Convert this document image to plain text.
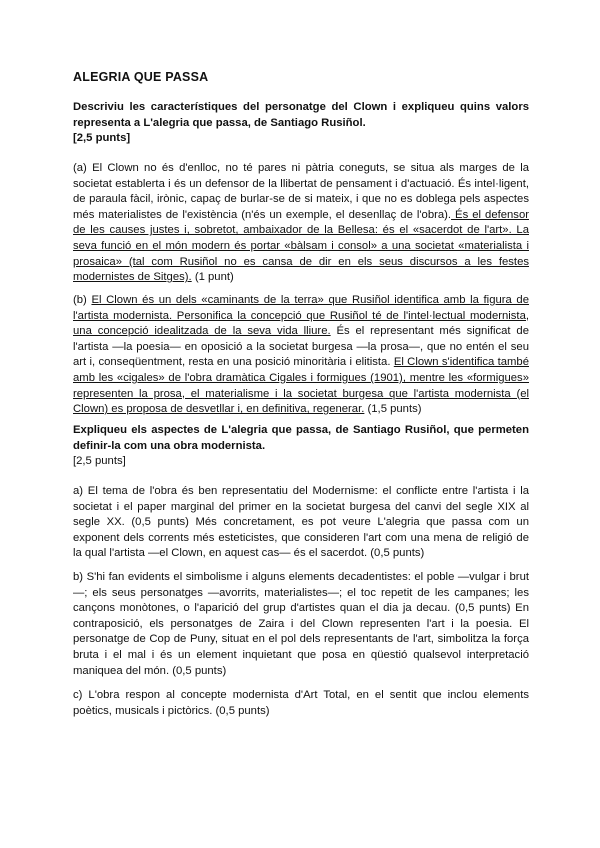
ALEGRIA QUE PASSA

Descriviu les característiques del personatge del Clown i expliqueu quins valors representa a L'alegria que passa, de Santiago Rusiñol.

[2,5 punts]

(a) El Clown no és d'enlloc, no té pares ni pàtria coneguts, se situa als marges de la societat establerta i és un defensor de la llibertat de pensament i d'actuació. És intel·ligent, de paraula fàcil, irònic, capaç de burlar-se de si mateix, i que no es doblega pels aspectes més materialistes de l'existència (n'és un exemple, el desenllaç de l'obra). És el defensor de les causes justes i, sobretot, ambaixador de la Bellesa: és el «sacerdot de l'art». La seva funció en el món modern és portar «bàlsam i consol» a una societat «materialista i prosaica» (tal com Rusiñol no es cansa de dir en els seus discursos a les festes modernistes de Sitges). (1 punt)

(b) El Clown és un dels «caminants de la terra» que Rusiñol identifica amb la figura de l'artista modernista. Personifica la concepció que Rusiñol té de l'intel·lectual modernista, una concepció idealitzada de la seva vida lliure. És el representant més significat de l'artista —la poesia— en oposició a la societat burgesa —la prosa—, que no entén el seu art i, conseqüentment, resta en una posició minoritària i elitista. El Clown s'identifica també amb les «cigales» de l'obra dramàtica Cigales i formigues (1901), mentre les «formigues» representen la prosa, el materialisme i la societat burgesa que l'artista modernista (el Clown) es proposa de desvetllar i, en definitiva, regenerar. (1,5 punts)

Expliqueu els aspectes de L'alegria que passa, de Santiago Rusiñol, que permeten definir-la com una obra modernista.

[2,5 punts]

a) El tema de l'obra és ben representatiu del Modernisme: el conflicte entre l'artista i la societat i el paper marginal del primer en la societat burgesa del canvi del segle XIX al segle XX. (0,5 punts) Més concretament, es pot veure L'alegria que passa com un exponent dels corrents més esteticistes, que consideren l'art com una mena de religió de la qual l'artista —el Clown, en aquest cas— és el sacerdot. (0,5 punts)

b) S'hi fan evidents el simbolisme i alguns elements decadentistes: el poble —vulgar i brut—; els seus personatges —avorrits, materialistes—; el toc repetit de les campanes; les cançons monòtones, o l'aparició del grup d'artistes quan el dia ja decau. (0,5 punts) En contraposició, els personatges de Zaira i del Clown representen l'art i la poesia. El personatge de Cop de Puny, situat en el pol dels representants de l'art, simbolitza la força bruta i el mal i és un element inquietant que posa en qüestió qualsevol interpretació maniquea del món. (0,5 punts)

c) L'obra respon al concepte modernista d'Art Total, en el sentit que inclou elements poètics, musicals i pictòrics. (0,5 punts)
